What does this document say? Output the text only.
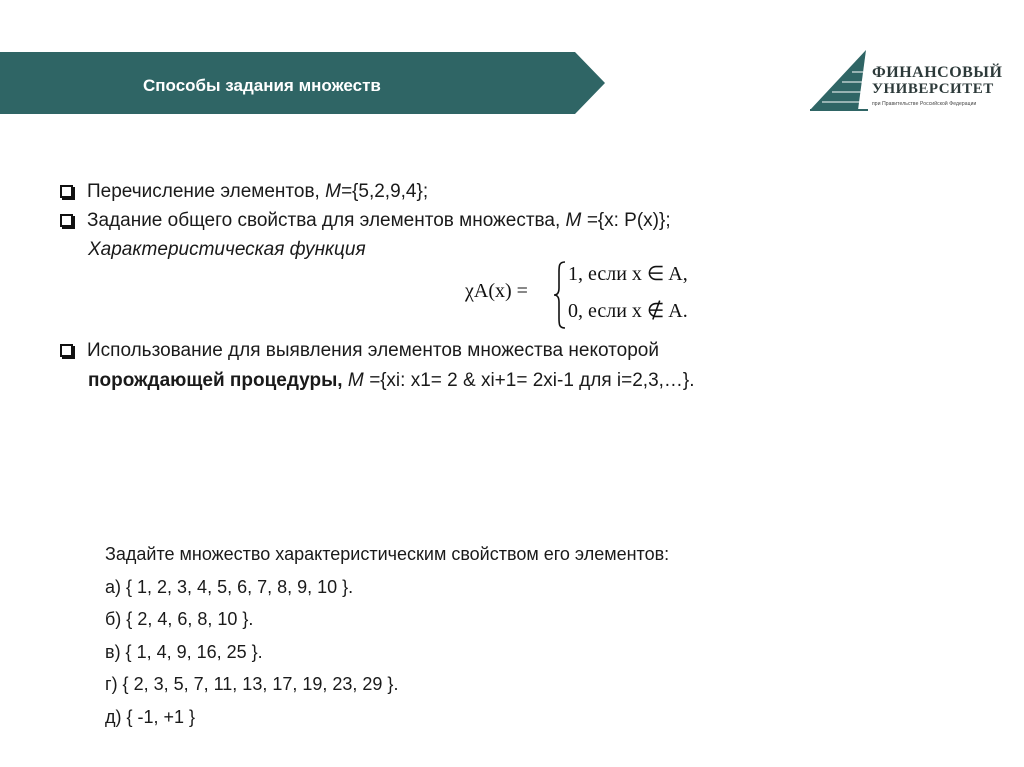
Способы задания множеств
ФИНАНСОВЫЙ
УНИВЕРСИТЕТ
при Правительстве Российской Федерации
Перечисление элементов, M={5,2,9,4};
Задание общего свойства для элементов множества, M ={x: P(x)};
Характеристическая функция
χA(x) =
1, если x ∈ A,
0, если x ∉ A.
Использование для выявления элементов множества некоторой
порождающей процедуры, M ={xi: x1= 2 & xi+1= 2xi-1 для i=2,3,…}.
Задайте множество характеристическим свойством его элементов:
а) { 1, 2, 3, 4, 5, 6, 7, 8, 9, 10 }.
б) { 2, 4, 6, 8, 10 }.
в) { 1, 4, 9, 16, 25 }.
г) { 2, 3, 5, 7, 11, 13, 17, 19, 23, 29 }.
д) { -1, +1 }
